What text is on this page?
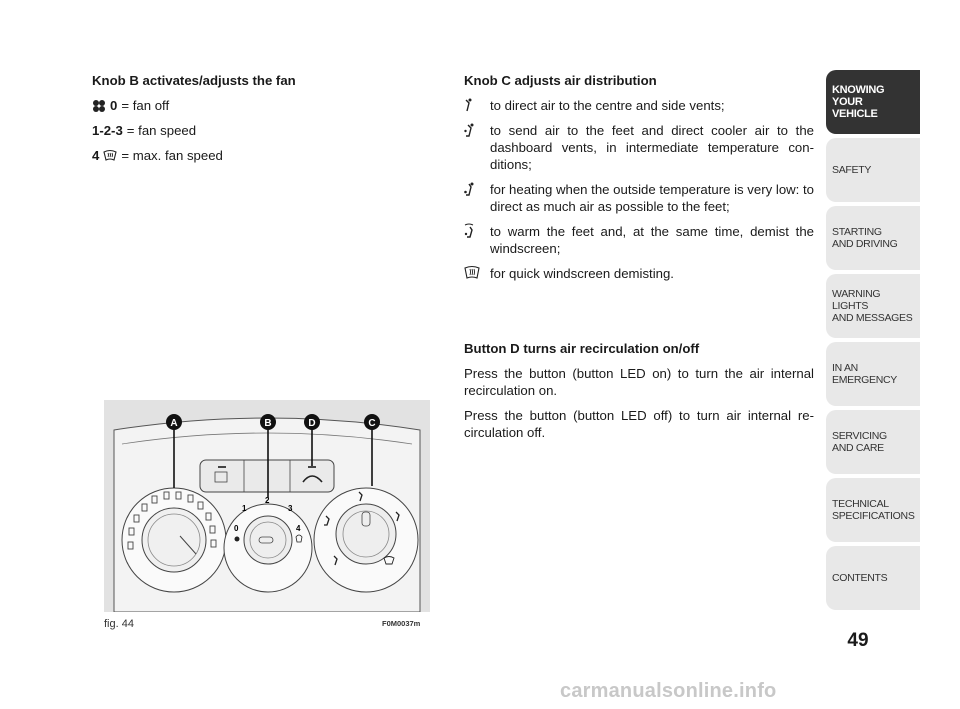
Knob B activates/adjusts the fan
0 = fan off
1-2-3 = fan speed
4 = max. fan speed
Knob C adjusts air distribution
to direct air to the centre and side vents;
to send air to the feet and direct cooler air to the dashboard vents, in intermediate temperature con-ditions;
for heating when the outside temperature is very low: to direct as much air as possible to the feet;
to warm the feet and, at the same time, demist the windscreen;
for quick windscreen demisting.
Button D turns air recirculation on/off
Press the button (button LED on) to turn the air internal recirculation on.
Press the button (button LED off) to turn air internal re-circulation off.
0
1
2
3
4
A	B	D	C
fig. 44	F0M0037m
KNOWING
YOUR
VEHICLE
SAFETY
STARTING
AND DRIVING
WARNING LIGHTS
AND MESSAGES
IN AN
EMERGENCY
SERVICING
AND CARE
TECHNICAL
SPECIFICATIONS
CONTENTS
49
carmanualsonline.info
